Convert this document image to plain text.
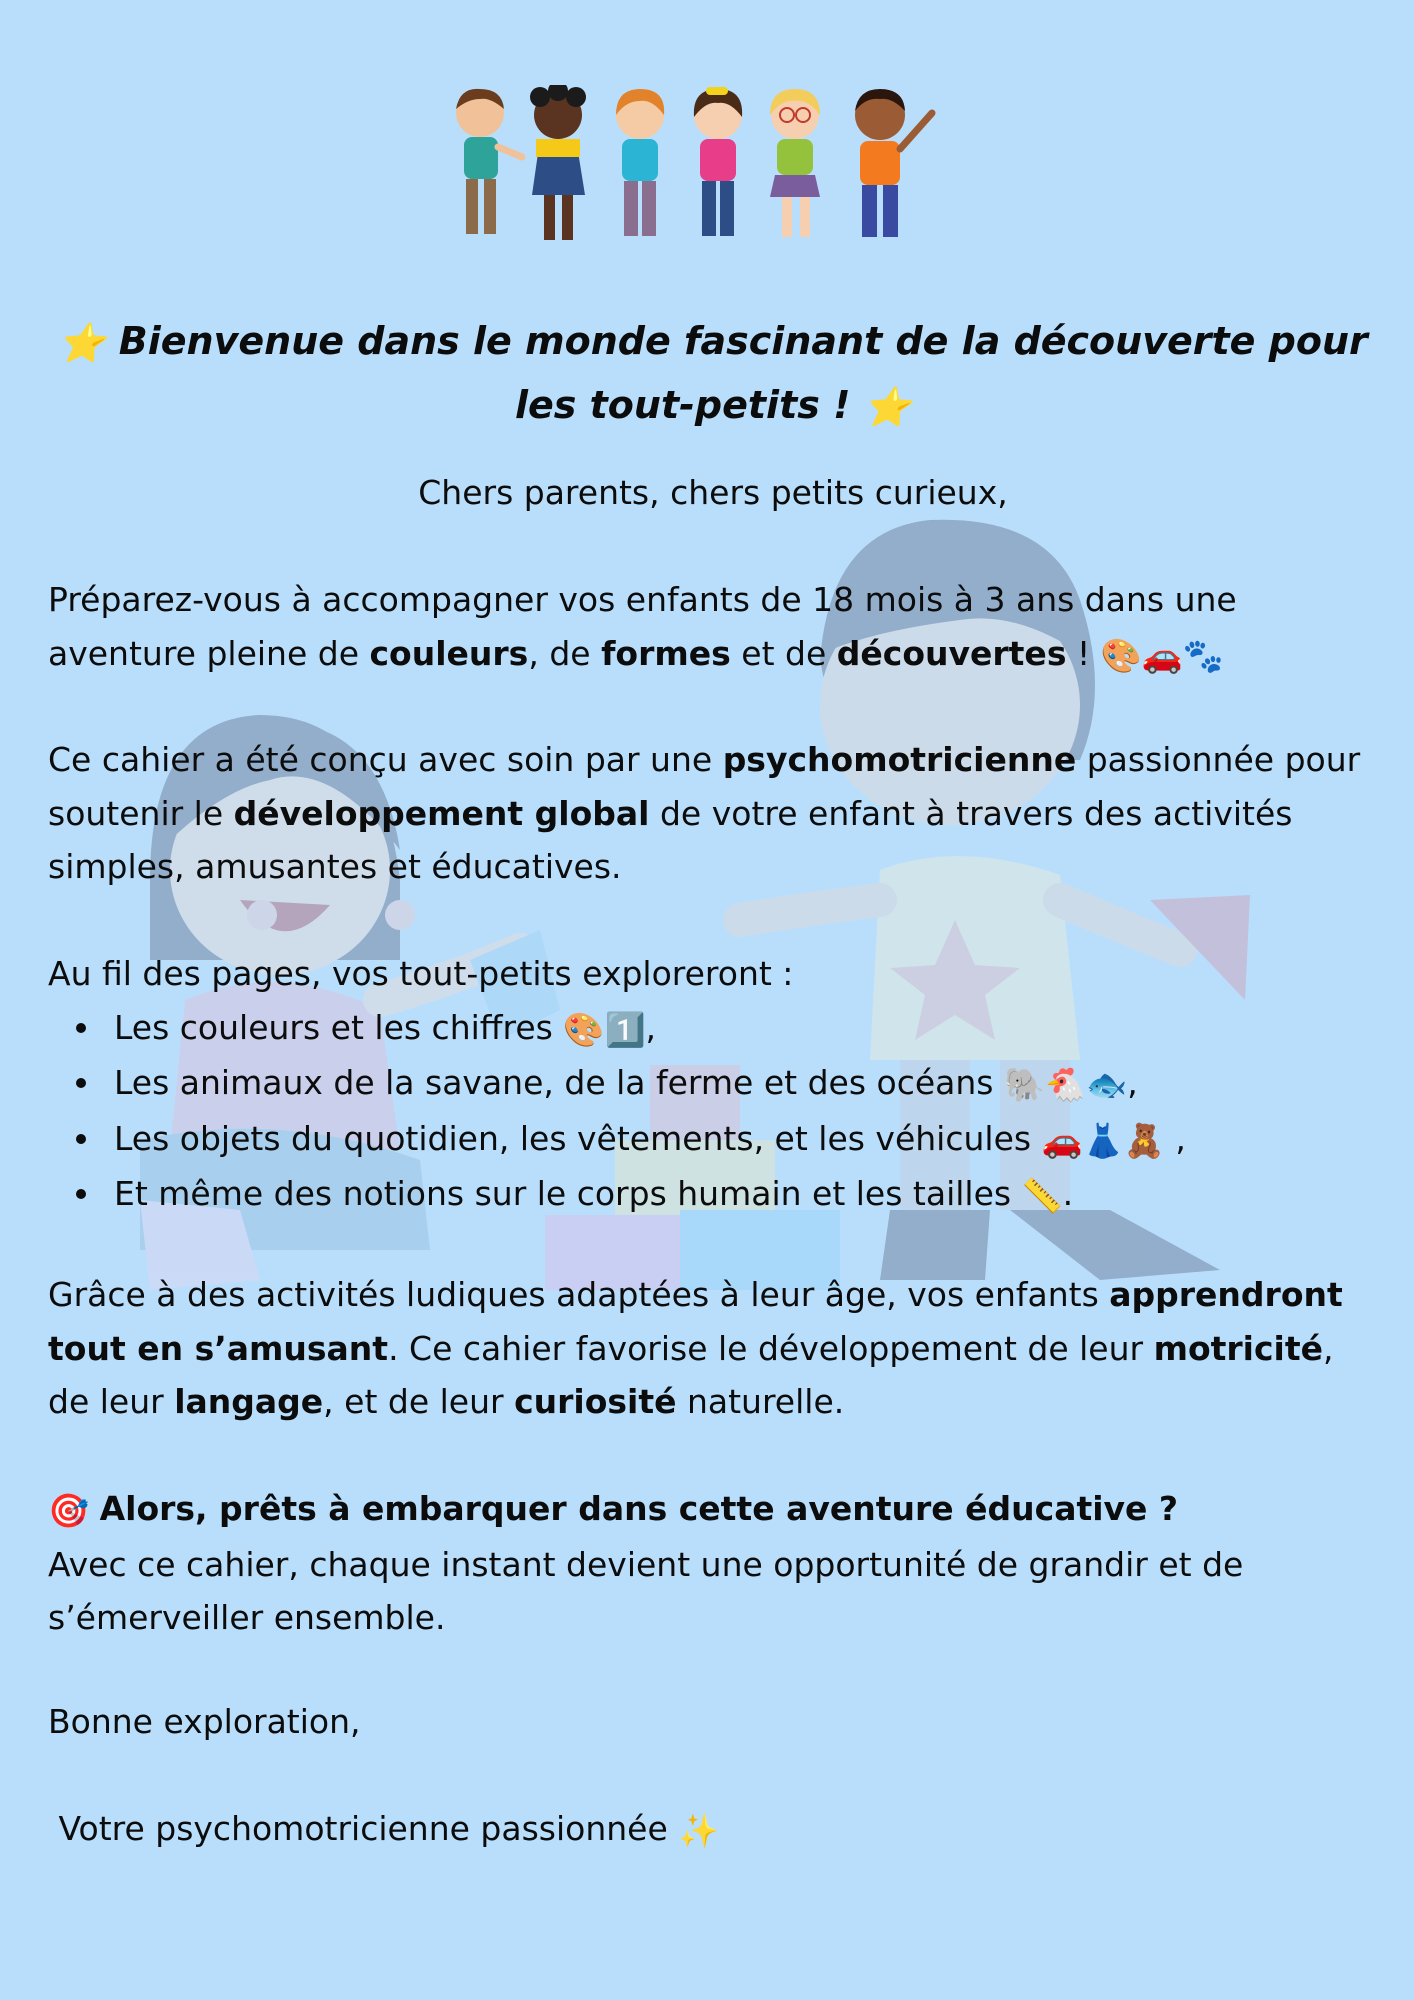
⭐ Bienvenue dans le monde fascinant de la découverte pour les tout-petits ! ⭐

Chers parents, chers petits curieux,

Préparez-vous à accompagner vos enfants de 18 mois à 3 ans dans une aventure pleine de couleurs, de formes et de découvertes ! 🎨🚗🐾

Ce cahier a été conçu avec soin par une psychomotricienne passionnée pour soutenir le développement global de votre enfant à travers des activités simples, amusantes et éducatives.

Au fil des pages, vos tout-petits exploreront :
Les couleurs et les chiffres 🎨1️⃣,
Les animaux de la savane, de la ferme et des océans 🐘🐔🐟,
Les objets du quotidien, les vêtements, et les véhicules 🚗👗🧸 ,
Et même des notions sur le corps humain et les tailles 📏.

Grâce à des activités ludiques adaptées à leur âge, vos enfants apprendront tout en s’amusant. Ce cahier favorise le développement de leur motricité, de leur langage, et de leur curiosité naturelle.

🎯 Alors, prêts à embarquer dans cette aventure éducative ?
Avec ce cahier, chaque instant devient une opportunité de grandir et de s’émerveiller ensemble.

Bonne exploration,

Votre psychomotricienne passionnée ✨
